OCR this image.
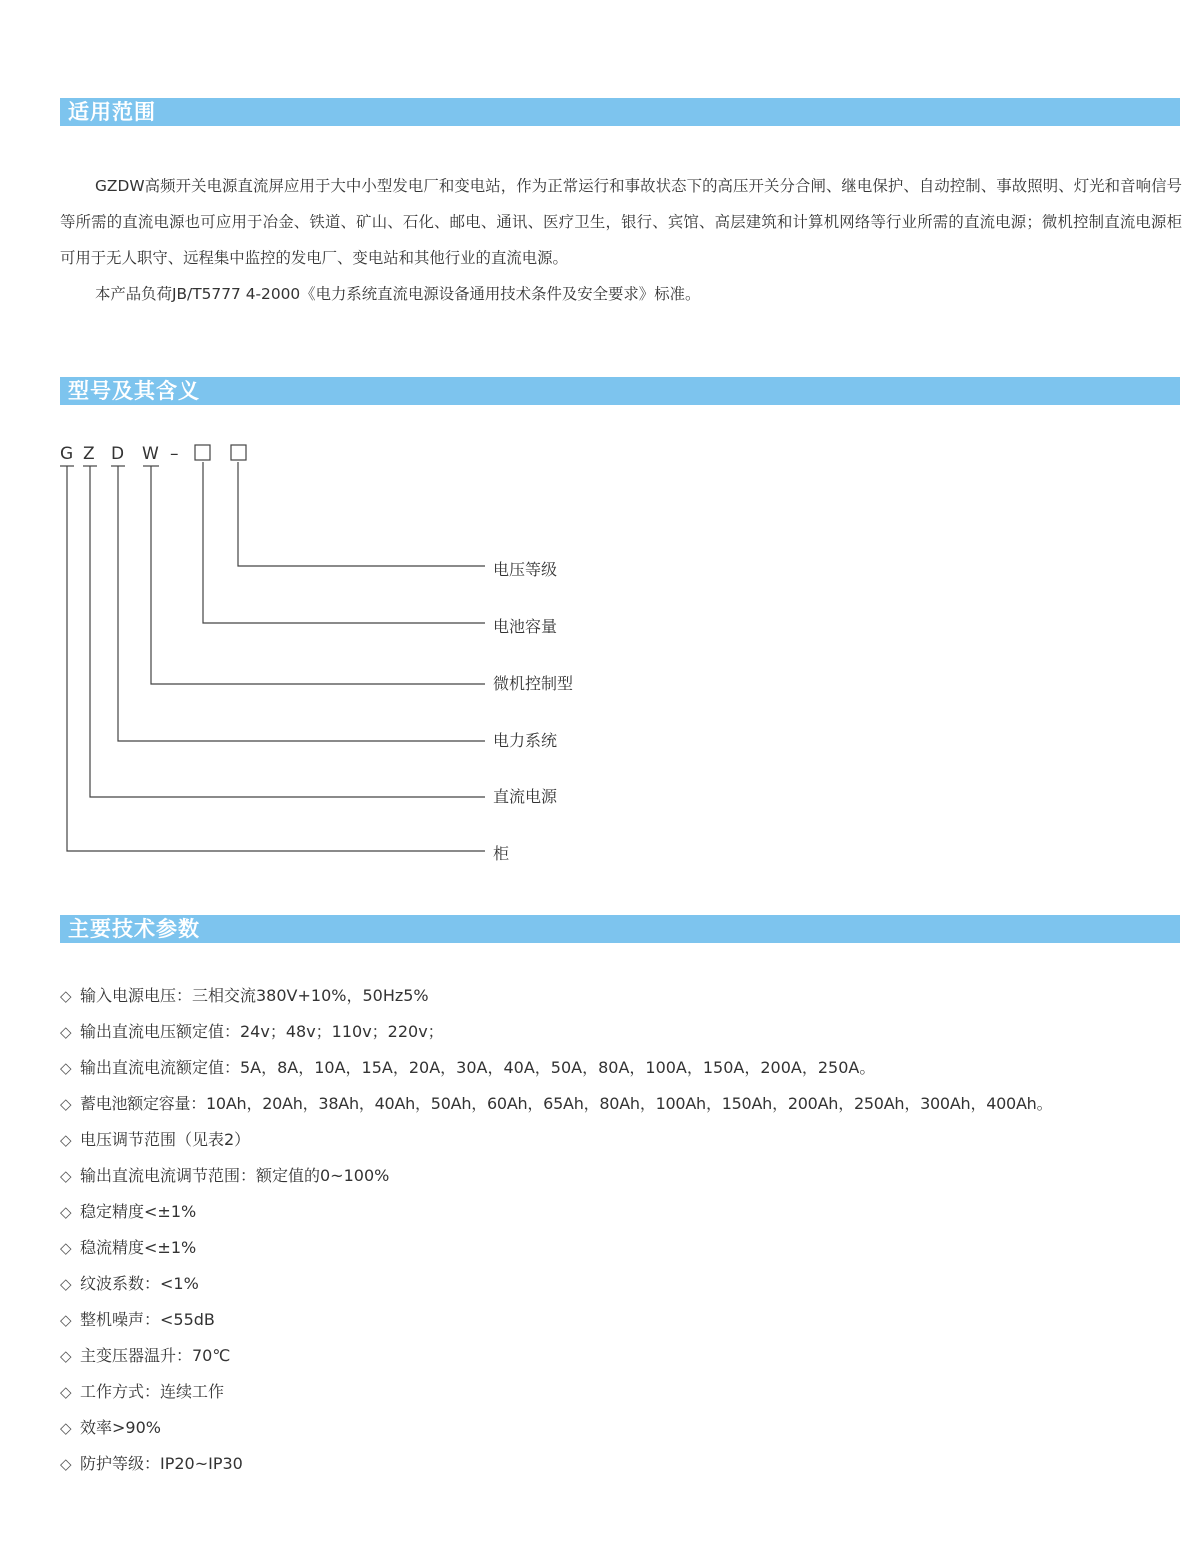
适用范围

GZDW高频开关电源直流屏应用于大中小型发电厂和变电站，作为正常运行和事故状态下的高压开关分合闸、继电保护、自动控制、事故照明、灯光和音响信号等所需的直流电源也可应用于冶金、铁道、矿山、石化、邮电、通讯、医疗卫生，银行、宾馆、高层建筑和计算机网络等行业所需的直流电源；微机控制直流电源柜可用于无人职守、远程集中监控的发电厂、变电站和其他行业的直流电源。

本产品负荷JB/T5777 4-2000《电力系统直流电源设备通用技术条件及安全要求》标准。

型号及其含义
G Z D W –
电压等级
电池容量
微机控制型
电力系统
直流电源
柜
主要技术参数
◇ 输入电源电压：三相交流380V+10%，50Hz5%
◇ 输出直流电压额定值：24v；48v；110v；220v；
◇ 输出直流电流额定值：5A，8A，10A，15A，20A，30A，40A，50A，80A，100A，150A，200A，250A。
◇ 蓄电池额定容量：10Ah，20Ah，38Ah，40Ah，50Ah，60Ah，65Ah，80Ah，100Ah，150Ah，200Ah，250Ah，300Ah，400Ah。
◇ 电压调节范围（见表2）
◇ 输出直流电流调节范围：额定值的0~100%
◇ 稳定精度<±1%
◇ 稳流精度<±1%
◇ 纹波系数：<1%
◇ 整机噪声：<55dB
◇ 主变压器温升：70℃
◇ 工作方式：连续工作
◇ 效率>90%
◇ 防护等级：IP20~IP30
